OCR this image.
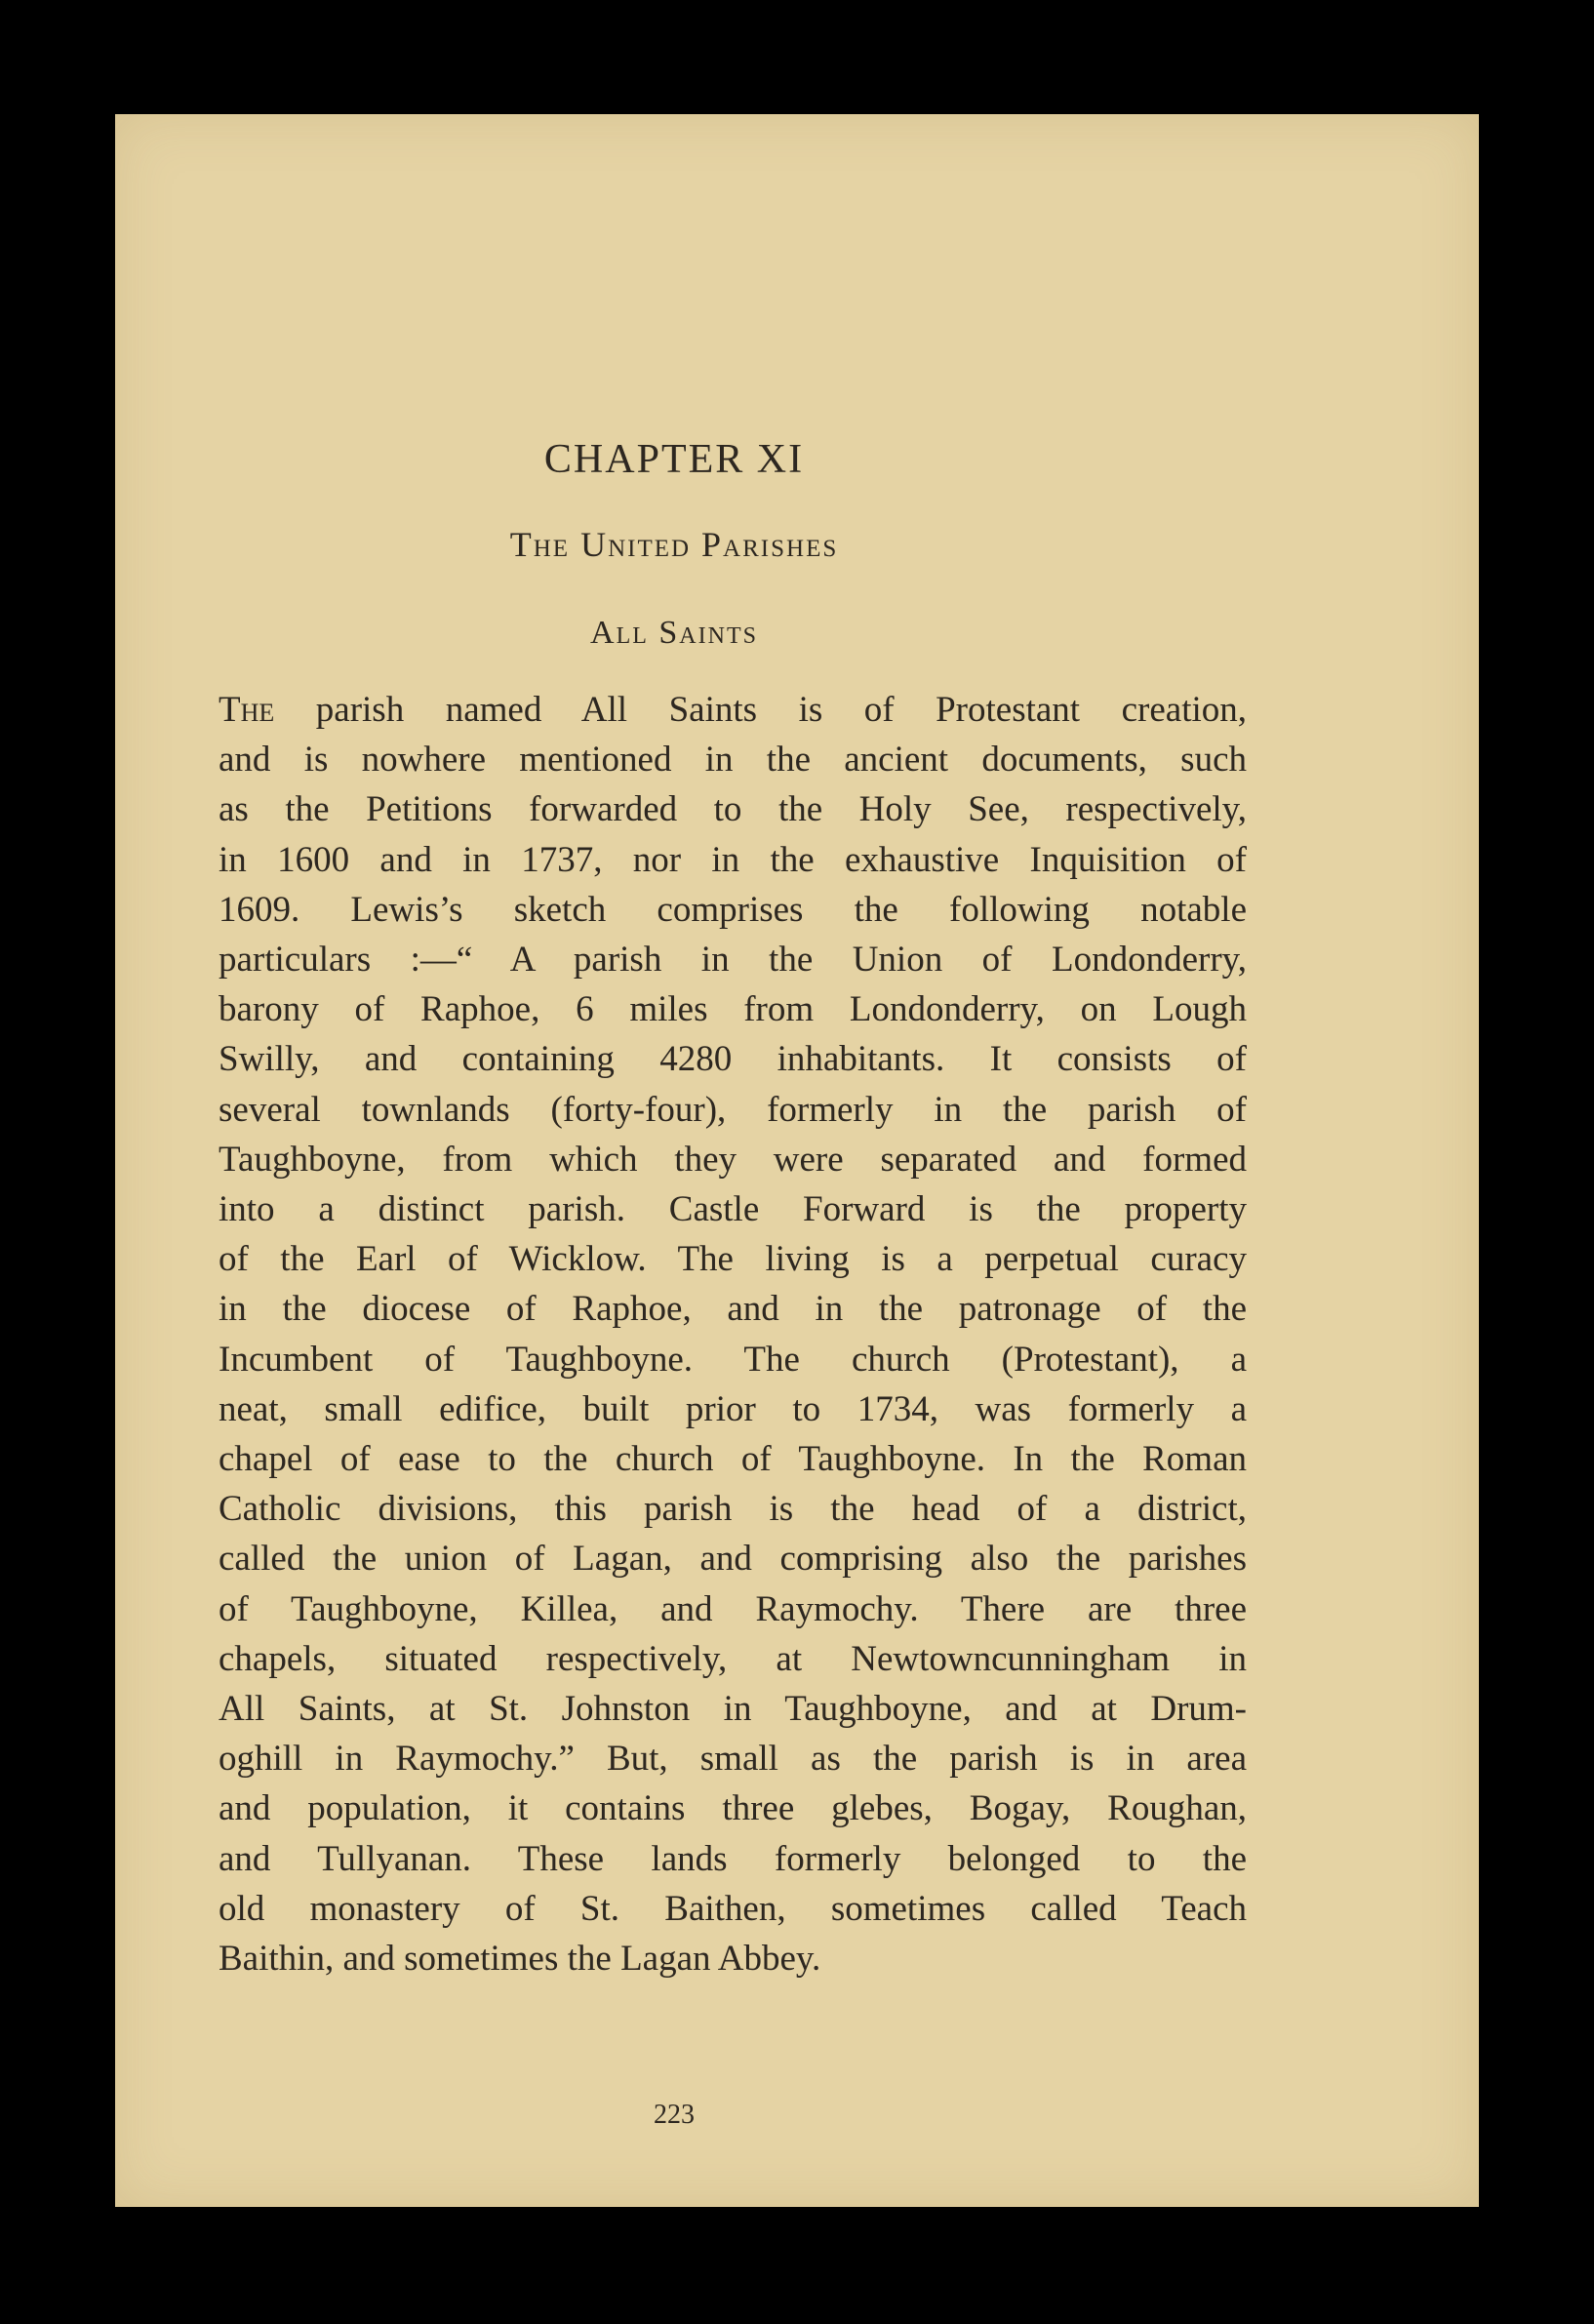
CHAPTER XI
The United Parishes
All Saints
The parish named All Saints is of Protestant creation,
and is nowhere mentioned in the ancient documents, such
as the Petitions forwarded to the Holy See, respectively,
in 1600 and in 1737, nor in the exhaustive Inquisition of
1609. Lewis’s sketch comprises the following notable
particulars :—“ A parish in the Union of Londonderry,
barony of Raphoe, 6 miles from Londonderry, on Lough
Swilly, and containing 4280 inhabitants. It consists of
several townlands (forty-four), formerly in the parish of
Taughboyne, from which they were separated and formed
into a distinct parish. Castle Forward is the property
of the Earl of Wicklow. The living is a perpetual curacy
in the diocese of Raphoe, and in the patronage of the
Incumbent of Taughboyne. The church (Protestant), a
neat, small edifice, built prior to 1734, was formerly a
chapel of ease to the church of Taughboyne. In the Roman
Catholic divisions, this parish is the head of a district,
called the union of Lagan, and comprising also the parishes
of Taughboyne, Killea, and Raymochy. There are three
chapels, situated respectively, at Newtowncunningham in
All Saints, at St. Johnston in Taughboyne, and at Drum-
oghill in Raymochy.” But, small as the parish is in area
and population, it contains three glebes, Bogay, Roughan,
and Tullyanan. These lands formerly belonged to the
old monastery of St. Baithen, sometimes called Teach
Baithin, and sometimes the Lagan Abbey.
223
